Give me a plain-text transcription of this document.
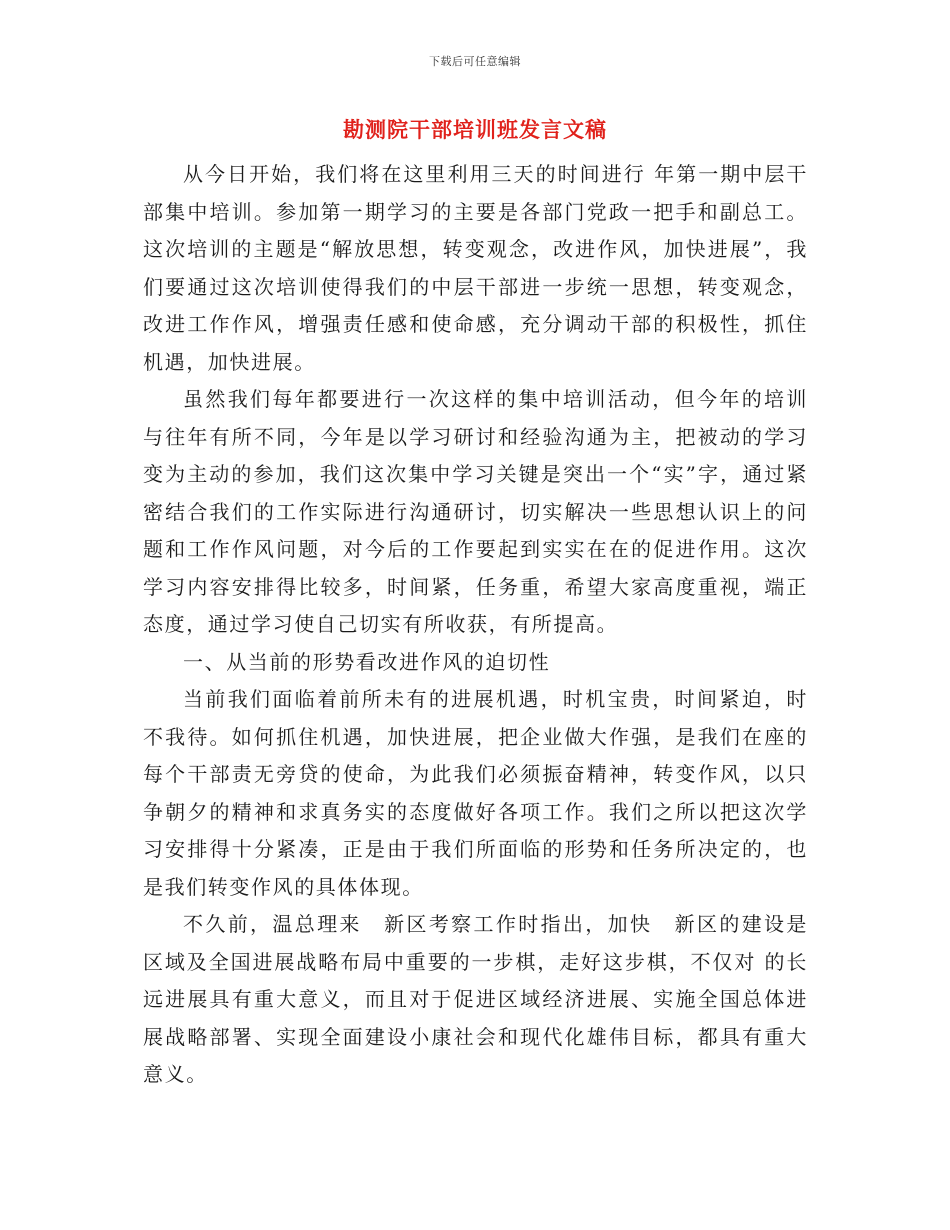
下载后可任意编辑
勘测院干部培训班发言文稿

从今日开始，我们将在这里利用三天的时间进行 年第一期中层干部集中培训。参加第一期学习的主要是各部门党政一把手和副总工。这次培训的主题是“解放思想，转变观念，改进作风，加快进展”，我们要通过这次培训使得我们的中层干部进一步统一思想，转变观念，改进工作作风，增强责任感和使命感，充分调动干部的积极性，抓住机遇，加快进展。

虽然我们每年都要进行一次这样的集中培训活动，但今年的培训与往年有所不同，今年是以学习研讨和经验沟通为主，把被动的学习变为主动的参加，我们这次集中学习关键是突出一个“实”字，通过紧密结合我们的工作实际进行沟通研讨，切实解决一些思想认识上的问题和工作作风问题，对今后的工作要起到实实在在的促进作用。这次学习内容安排得比较多，时间紧，任务重，希望大家高度重视，端正态度，通过学习使自己切实有所收获，有所提高。

一、从当前的形势看改进作风的迫切性

当前我们面临着前所未有的进展机遇，时机宝贵，时间紧迫，时不我待。如何抓住机遇，加快进展，把企业做大作强，是我们在座的每个干部责无旁贷的使命，为此我们必须振奋精神，转变作风，以只争朝夕的精神和求真务实的态度做好各项工作。我们之所以把这次学习安排得十分紧凑，正是由于我们所面临的形势和任务所决定的，也是我们转变作风的具体体现。

不久前，温总理来　新区考察工作时指出，加快　新区的建设是区域及全国进展战略布局中重要的一步棋，走好这步棋，不仅对 的长远进展具有重大意义，而且对于促进区域经济进展、实施全国总体进展战略部署、实现全面建设小康社会和现代化雄伟目标，都具有重大意义。
